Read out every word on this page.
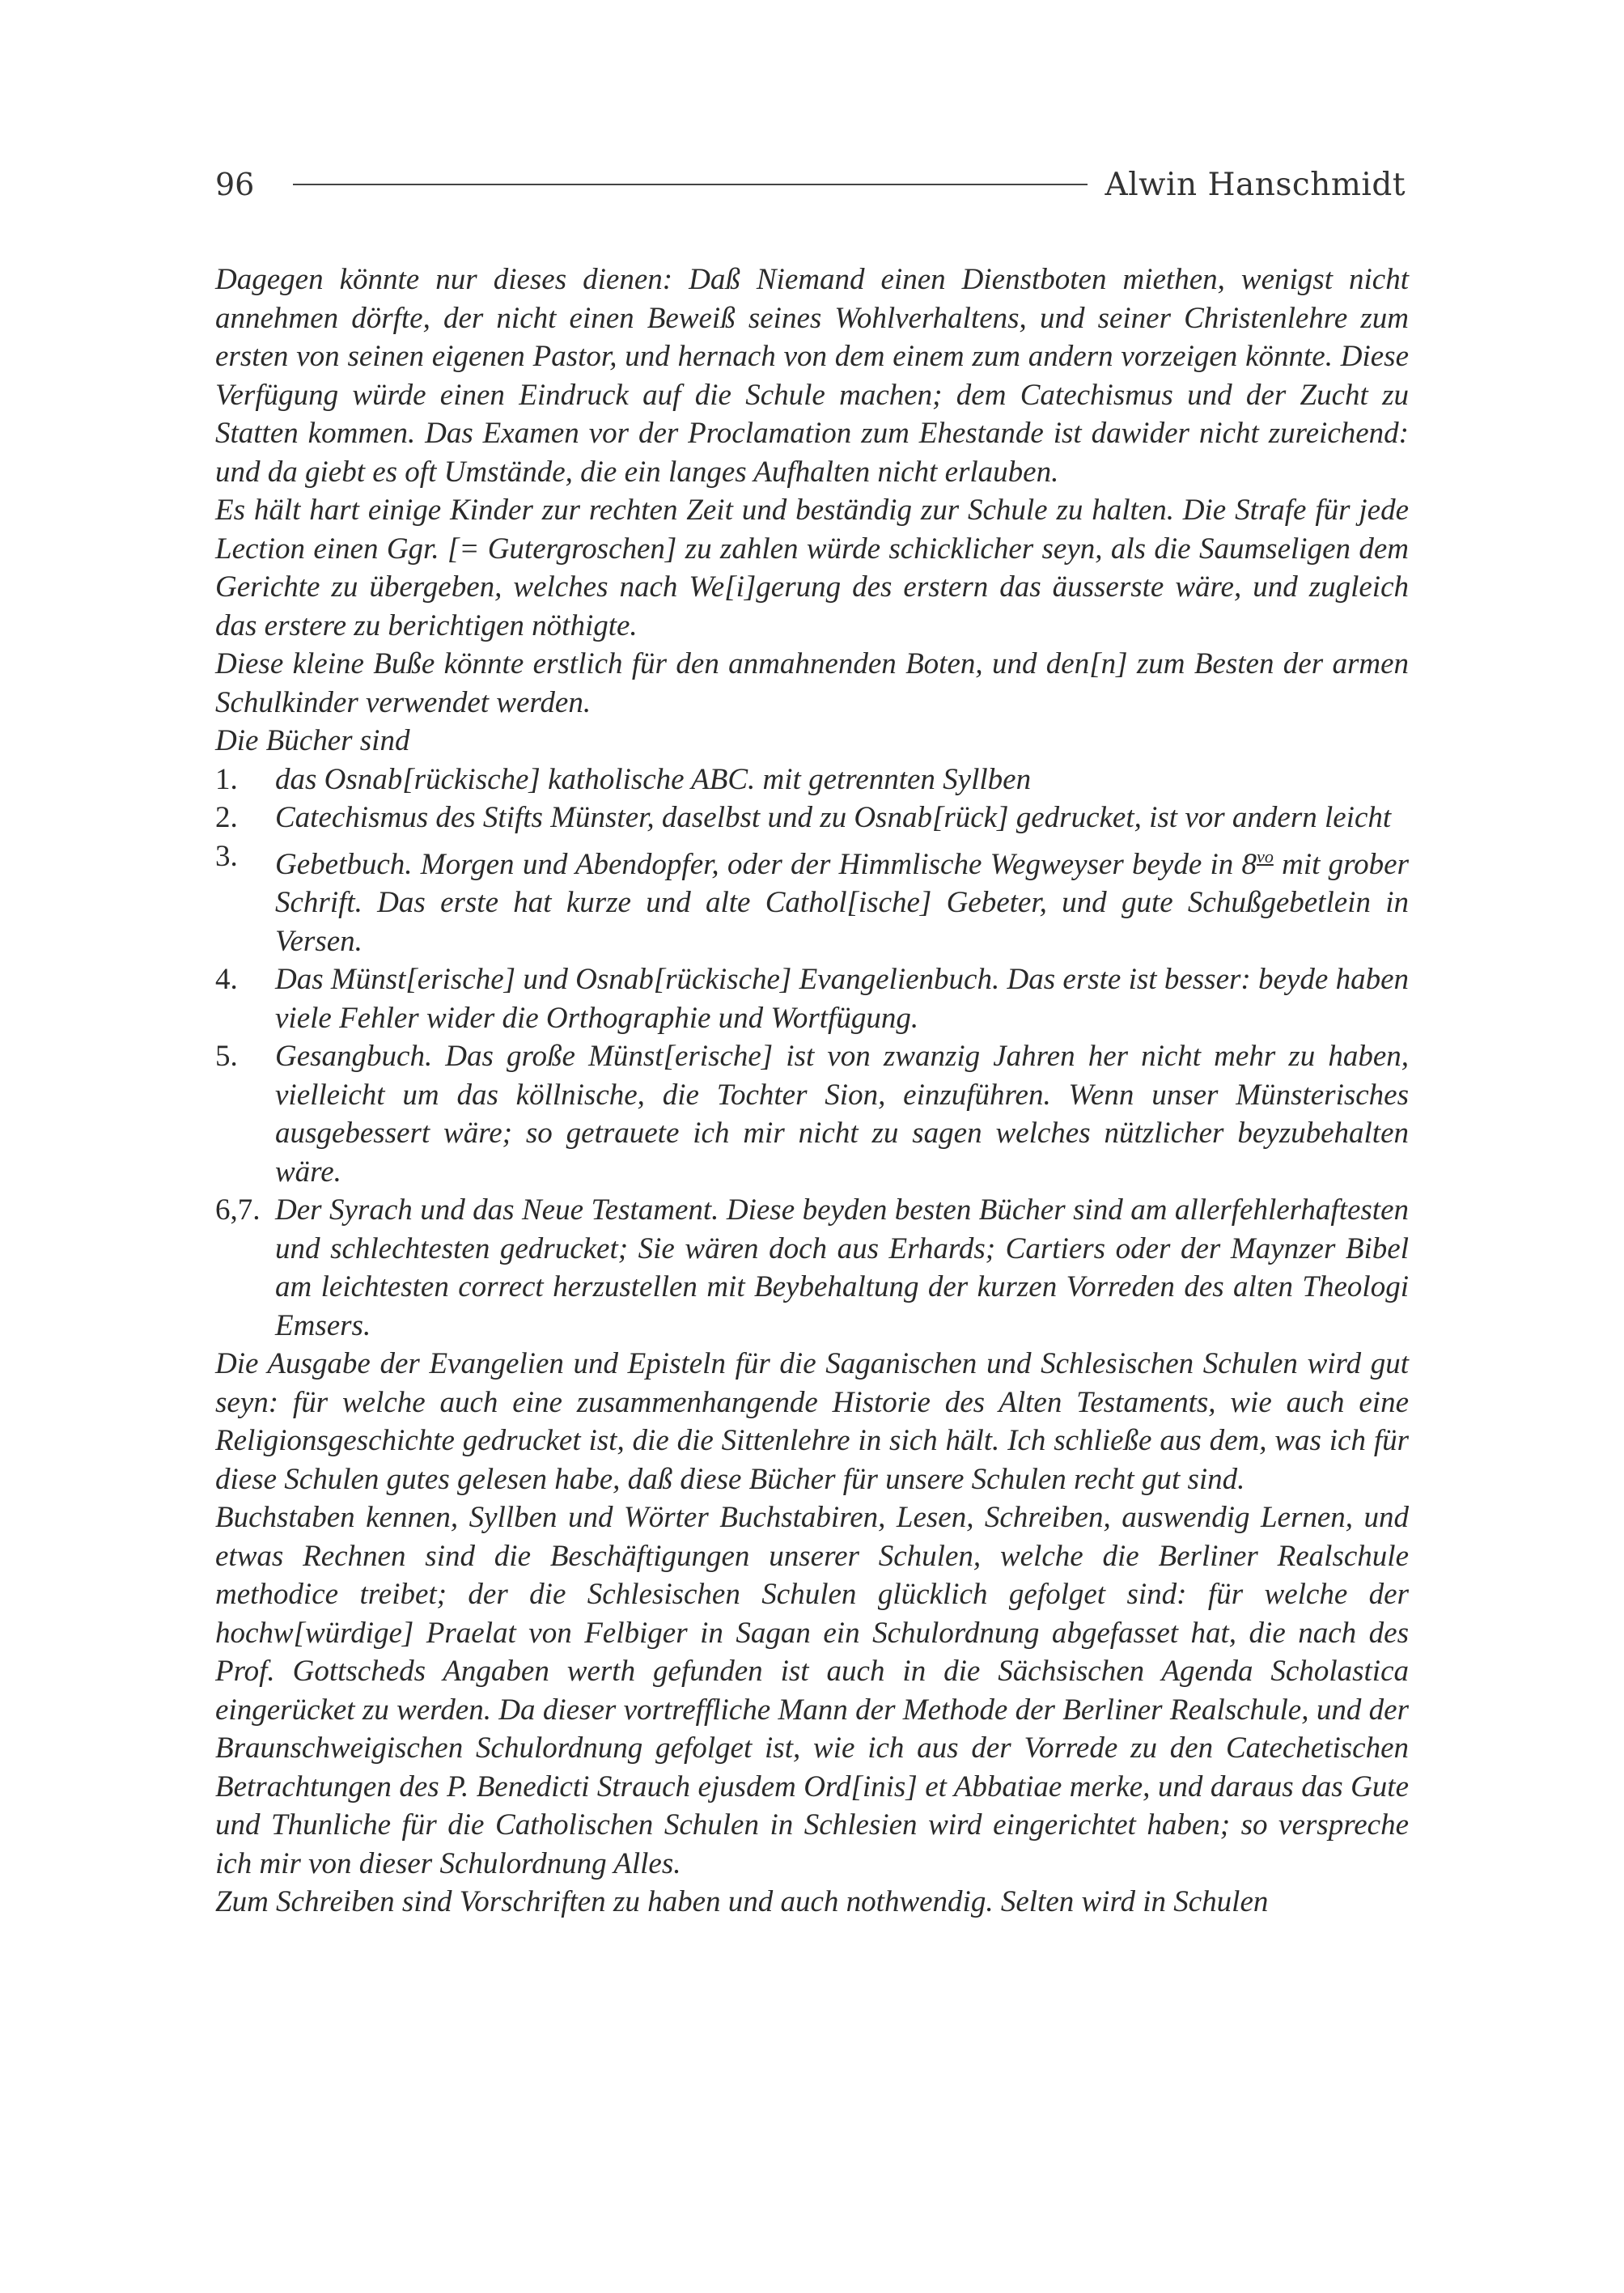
96	Alwin Hanschmidt

Dagegen könnte nur dieses dienen: Daß Niemand einen Dienstboten miethen, wenigst nicht annehmen dörfte, der nicht einen Beweiß seines Wohlverhaltens, und seiner Christenlehre zum ersten von seinen eigenen Pastor, und hernach von dem einem zum andern vorzeigen könnte. Diese Verfügung würde einen Eindruck auf die Schule machen; dem Catechismus und der Zucht zu Statten kommen. Das Examen vor der Proclamation zum Ehestande ist dawider nicht zureichend: und da giebt es oft Umstände, die ein langes Aufhalten nicht erlauben.

Es hält hart einige Kinder zur rechten Zeit und beständig zur Schule zu halten. Die Strafe für jede Lection einen Ggr. [= Gutergroschen] zu zahlen würde schicklicher seyn, als die Saumseligen dem Gerichte zu übergeben, welches nach We[i]gerung des erstern das äusserste wäre, und zugleich das erstere zu berichtigen nöthigte.

Diese kleine Buße könnte erstlich für den anmahnenden Boten, und den[n] zum Besten der armen Schulkinder verwendet werden.

Die Bücher sind

1.	das Osnab[rückische] katholische ABC. mit getrennten Syllben
2.	Catechismus des Stifts Münster, daselbst und zu Osnab[rück] gedrucket, ist vor andern leicht
3.	Gebetbuch. Morgen und Abendopfer, oder der Himmlische Wegweyser beyde in $8^{vo}$ mit grober Schrift. Das erste hat kurze und alte Cathol[ische] Gebeter, und gute Schußgebetlein in Versen.
4.	Das Münst[erische] und Osnab[rückische] Evangelienbuch. Das erste ist besser: beyde haben viele Fehler wider die Orthographie und Wortfügung.
5.	Gesangbuch. Das große Münst[erische] ist von zwanzig Jahren her nicht mehr zu haben, vielleicht um das köllnische, die Tochter Sion, einzuführen. Wenn unser Münsterisches ausgebessert wäre; so getrauete ich mir nicht zu sagen welches nützlicher beyzubehalten wäre.
6,7. Der Syrach und das Neue Testament. Diese beyden besten Bücher sind am allerfehlerhaftesten und schlechtesten gedrucket; Sie wären doch aus Erhards; Cartiers oder der Maynzer Bibel am leichtesten correct herzustellen mit Beybehaltung der kurzen Vorreden des alten Theologi Emsers.

Die Ausgabe der Evangelien und Episteln für die Saganischen und Schlesischen Schulen wird gut seyn: für welche auch eine zusammenhangende Historie des Alten Testaments, wie auch eine Religionsgeschichte gedrucket ist, die die Sittenlehre in sich hält. Ich schließe aus dem, was ich für diese Schulen gutes gelesen habe, daß diese Bücher für unsere Schulen recht gut sind.

Buchstaben kennen, Syllben und Wörter Buchstabiren, Lesen, Schreiben, auswendig Lernen, und etwas Rechnen sind die Beschäftigungen unserer Schulen, welche die Berliner Realschule methodice treibet; der die Schlesischen Schulen glücklich gefolget sind: für welche der hochw[würdige] Praelat von Felbiger in Sagan ein Schulordnung abgefasset hat, die nach des Prof. Gottscheds Angaben werth gefunden ist auch in die Sächsischen Agenda Scholastica eingerücket zu werden. Da dieser vortreffliche Mann der Methode der Berliner Realschule, und der Braunschweigischen Schulordnung gefolget ist, wie ich aus der Vorrede zu den Catechetischen Betrachtungen des P. Benedicti Strauch ejusdem Ord[inis] et Abbatiae merke, und daraus das Gute und Thunliche für die Catholischen Schulen in Schlesien wird eingerichtet haben; so verspreche ich mir von dieser Schulordnung Alles.

Zum Schreiben sind Vorschriften zu haben und auch nothwendig. Selten wird in Schulen
